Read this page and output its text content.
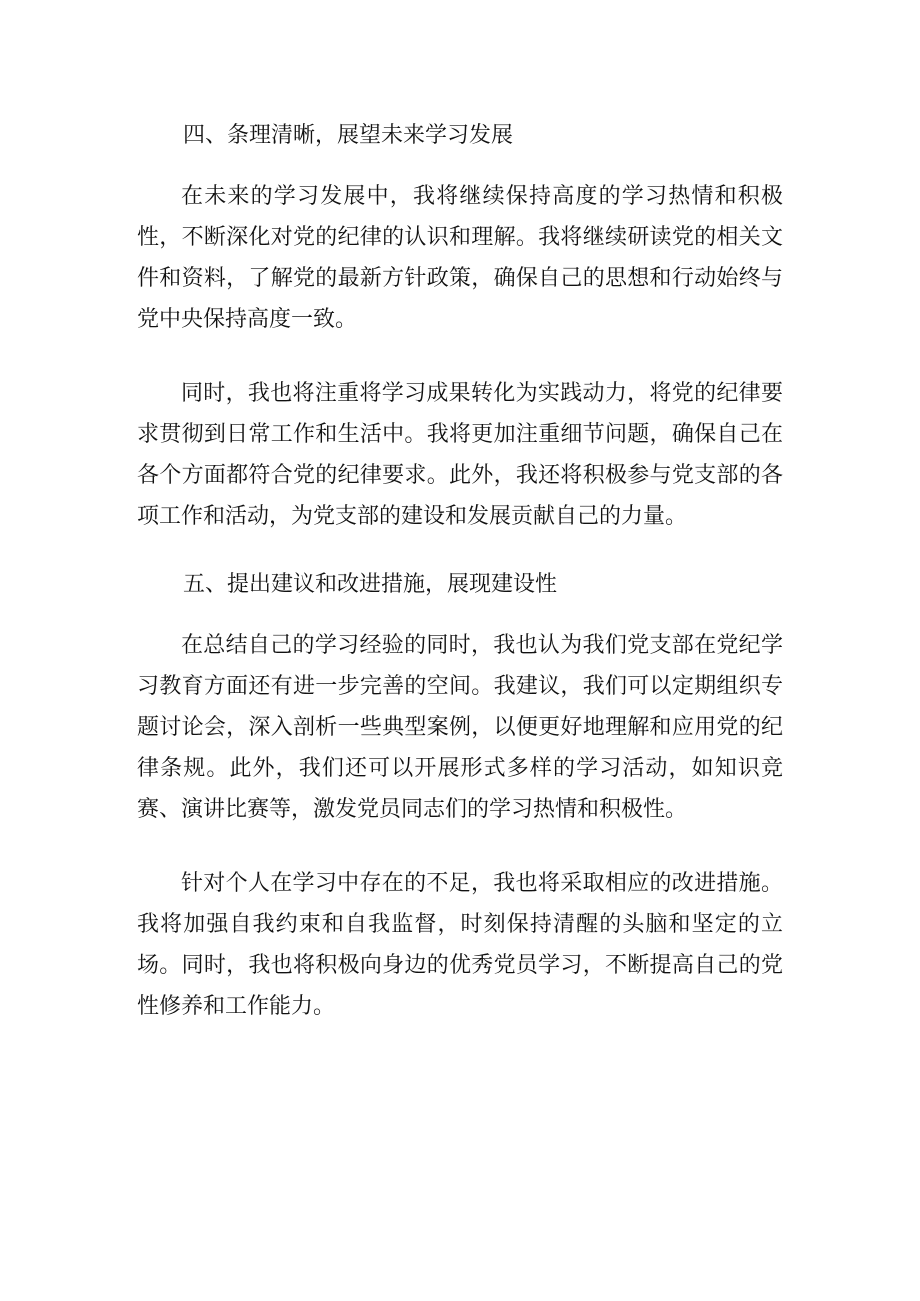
四、条理清晰，展望未来学习发展

在未来的学习发展中，我将继续保持高度的学习热情和积极性，不断深化对党的纪律的认识和理解。我将继续研读党的相关文件和资料，了解党的最新方针政策，确保自己的思想和行动始终与党中央保持高度一致。

同时，我也将注重将学习成果转化为实践动力，将党的纪律要求贯彻到日常工作和生活中。我将更加注重细节问题，确保自己在各个方面都符合党的纪律要求。此外，我还将积极参与党支部的各项工作和活动，为党支部的建设和发展贡献自己的力量。

五、提出建议和改进措施，展现建设性

在总结自己的学习经验的同时，我也认为我们党支部在党纪学习教育方面还有进一步完善的空间。我建议，我们可以定期组织专题讨论会，深入剖析一些典型案例，以便更好地理解和应用党的纪律条规。此外，我们还可以开展形式多样的学习活动，如知识竞赛、演讲比赛等，激发党员同志们的学习热情和积极性。

针对个人在学习中存在的不足，我也将采取相应的改进措施。我将加强自我约束和自我监督，时刻保持清醒的头脑和坚定的立场。同时，我也将积极向身边的优秀党员学习，不断提高自己的党性修养和工作能力。
